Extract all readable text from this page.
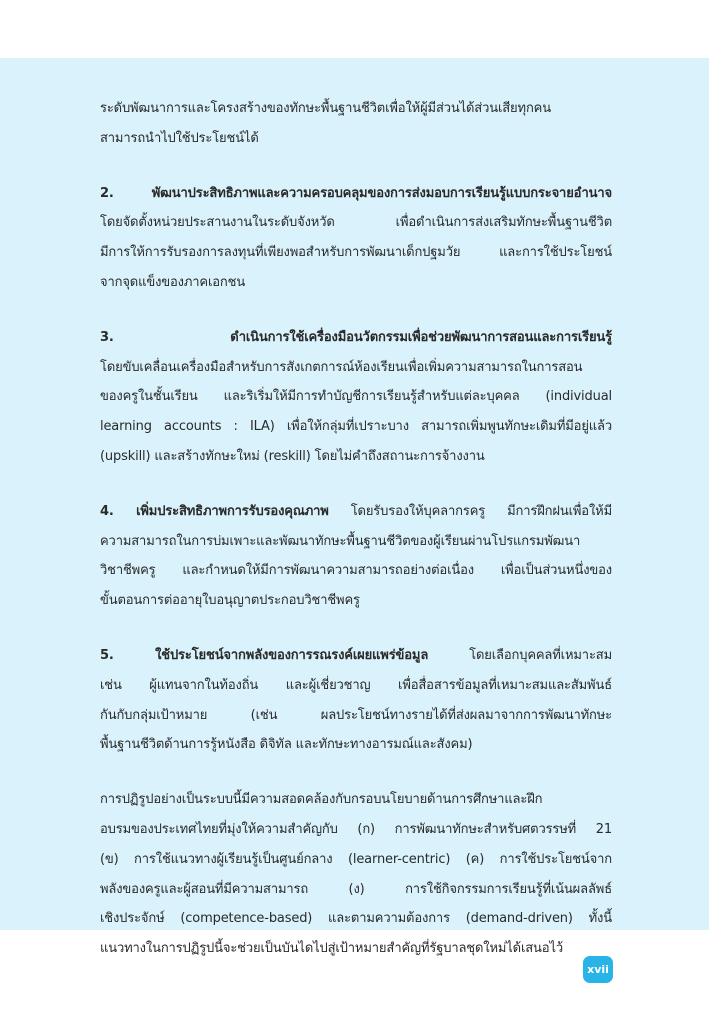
ระดับพัฒนาการและโครงสร้างของทักษะพื้นฐานชีวิตเพื่อให้ผู้มีส่วนได้ส่วนเสียทุกคน
สามารถนำไปใช้ประโยชน์ได้
2. พัฒนาประสิทธิภาพและความครอบคลุมของการส่งมอบการเรียนรู้แบบกระจายอำนาจ
โดยจัดตั้งหน่วยประสานงานในระดับจังหวัด เพื่อดำเนินการส่งเสริมทักษะพื้นฐานชีวิต
มีการให้การรับรองการลงทุนที่เพียงพอสำหรับการพัฒนาเด็กปฐมวัย และการใช้ประโยชน์
จากจุดแข็งของภาคเอกชน
3. ดำเนินการใช้เครื่องมือนวัตกรรมเพื่อช่วยพัฒนาการสอนและการเรียนรู้
โดยขับเคลื่อนเครื่องมือสำหรับการสังเกตการณ์ห้องเรียนเพื่อเพิ่มความสามารถในการสอน
ของครูในชั้นเรียน และริเริ่มให้มีการทำบัญชีการเรียนรู้สำหรับแต่ละบุคคล (individual
learning accounts : ILA) เพื่อให้กลุ่มที่เปราะบาง สามารถเพิ่มพูนทักษะเดิมที่มีอยู่แล้ว
(upskill) และสร้างทักษะใหม่ (reskill) โดยไม่คำถึงสถานะการจ้างงาน
4. เพิ่มประสิทธิภาพการรับรองคุณภาพ โดยรับรองให้บุคลากรครู มีการฝึกฝนเพื่อให้มี
ความสามารถในการบ่มเพาะและพัฒนาทักษะพื้นฐานชีวิตของผู้เรียนผ่านโปรแกรมพัฒนา
วิชาชีพครู และกำหนดให้มีการพัฒนาความสามารถอย่างต่อเนื่อง เพื่อเป็นส่วนหนึ่งของ
ขั้นตอนการต่ออายุใบอนุญาตประกอบวิชาชีพครู
5. ใช้ประโยชน์จากพลังของการรณรงค์เผยแพร่ข้อมูล โดยเลือกบุคคลที่เหมาะสม
เช่น ผู้แทนจากในท้องถิ่น และผู้เชี่ยวชาญ เพื่อสื่อสารข้อมูลที่เหมาะสมและสัมพันธ์
กันกับกลุ่มเป้าหมาย (เช่น ผลประโยชน์ทางรายได้ที่ส่งผลมาจากการพัฒนาทักษะ
พื้นฐานชีวิตด้านการรู้หนังสือ ดิจิทัล และทักษะทางอารมณ์และสังคม)
การปฏิรูปอย่างเป็นระบบนี้มีความสอดคล้องกับกรอบนโยบายด้านการศึกษาและฝึก
อบรมของประเทศไทยที่มุ่งให้ความสำคัญกับ (ก) การพัฒนาทักษะสำหรับศตวรรษที่ 21
(ข) การใช้แนวทางผู้เรียนรู้เป็นศูนย์กลาง (learner-centric) (ค) การใช้ประโยชน์จาก
พลังของครูและผู้สอนที่มีความสามารถ (ง) การใช้กิจกรรมการเรียนรู้ที่เน้นผลลัพธ์
เชิงประจักษ์ (competence-based) และตามความต้องการ (demand-driven) ทั้งนี้
แนวทางในการปฏิรูปนี้จะช่วยเป็นบันไดไปสู่เป้าหมายสำคัญที่รัฐบาลชุดใหม่ได้เสนอไว้
xvii
